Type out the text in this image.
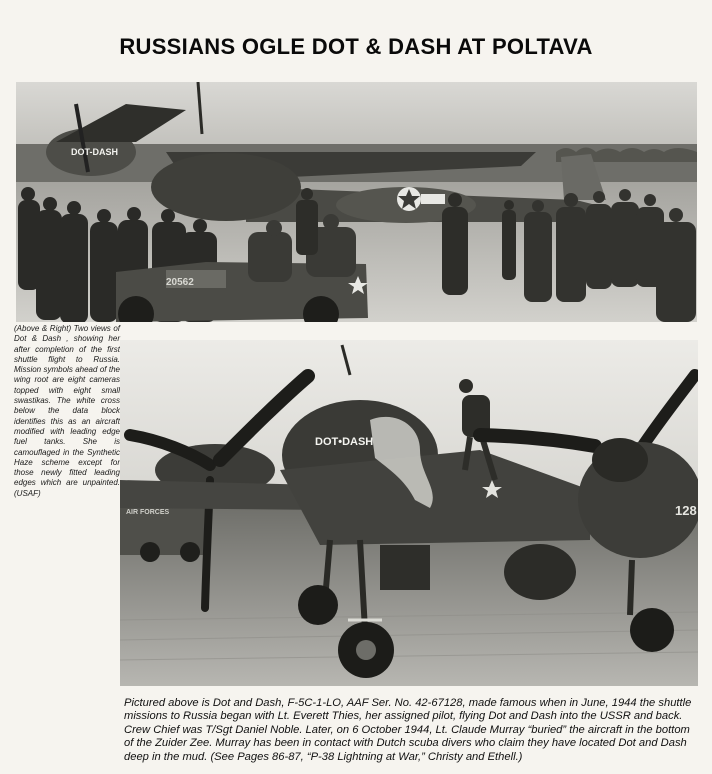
RUSSIANS OGLE DOT & DASH AT POLTAVA
DOT-DASH
20562
(Above & Right) Two views of Dot & Dash , showing her after completion of the first shuttle flight to Russia. Mission symbols ahead of the wing root are eight cameras topped with eight small swastikas. The white cross below the data block identifies this as an aircraft modified with leading edge fuel tanks. She is camouflaged in the Synthetic Haze scheme except for those newly fitted leading edges which are unpainted. (USAF)
AIR FORCES
DOT•DASH
128
Pictured above is Dot and Dash, F-5C-1-LO, AAF Ser. No. 42-67128, made famous when in June, 1944 the shuttle missions to Russia began with Lt. Everett Thies, her assigned pilot, flying Dot and Dash into the USSR and back. Crew Chief was T/Sgt Daniel Noble. Later, on 6 October 1944, Lt. Claude Murray “buried” the aircraft in the bottom of the Zuider Zee. Murray has been in contact with Dutch scuba divers who claim they have located Dot and Dash deep in the mud. (See Pages 86-87, “P-38 Lightning at War,” Christy and Ethell.)
